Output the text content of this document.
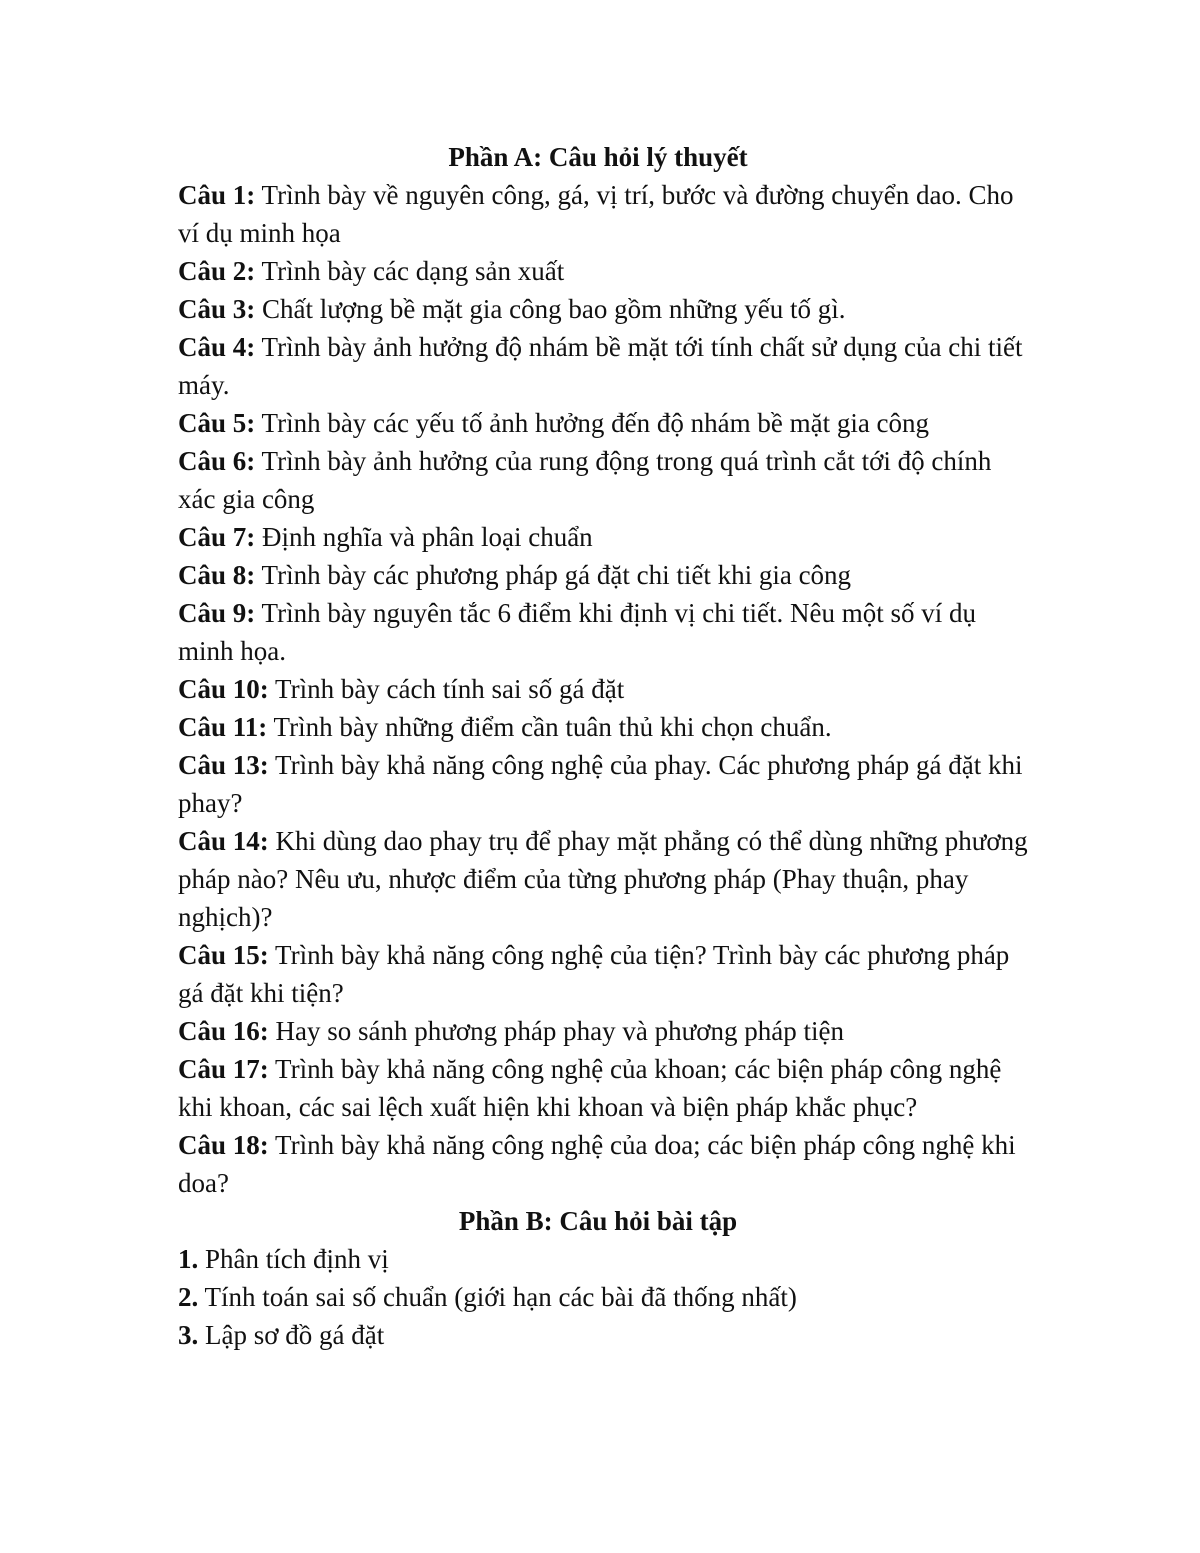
Phần A: Câu hỏi lý thuyết

Câu 1: Trình bày về nguyên công, gá, vị trí, bước và đường chuyển dao. Cho ví dụ minh họa

Câu 2: Trình bày các dạng sản xuất

Câu 3: Chất lượng bề mặt gia công bao gồm những yếu tố gì.

Câu 4: Trình bày ảnh hưởng độ nhám bề mặt tới tính chất sử dụng của chi tiết máy.

Câu 5: Trình bày các yếu tố ảnh hưởng đến độ nhám bề mặt gia công

Câu 6: Trình bày ảnh hưởng của rung động trong quá trình cắt tới độ chính xác gia công

Câu 7: Định nghĩa và phân loại chuẩn

Câu 8: Trình bày các phương pháp gá đặt chi tiết khi gia công

Câu 9: Trình bày nguyên tắc 6 điểm khi định vị chi tiết. Nêu một số ví dụ minh họa.

Câu 10: Trình bày cách tính sai số gá đặt

Câu 11: Trình bày những điểm cần tuân thủ khi chọn chuẩn.

Câu 13: Trình bày khả năng công nghệ của phay. Các phương pháp gá đặt khi phay?

Câu 14: Khi dùng dao phay trụ để phay mặt phẳng có thể dùng những phương pháp nào? Nêu ưu, nhược điểm của từng phương pháp (Phay thuận, phay nghịch)?

Câu 15: Trình bày khả năng công nghệ của tiện? Trình bày các phương pháp gá đặt khi tiện?

Câu 16: Hay so sánh phương pháp phay và phương pháp tiện

Câu 17: Trình bày khả năng công nghệ của khoan; các biện pháp công nghệ khi khoan, các sai lệch xuất hiện khi khoan và biện pháp khắc phục?

Câu 18: Trình bày khả năng công nghệ của doa; các biện pháp công nghệ khi doa?

Phần B: Câu hỏi bài tập

1. Phân tích định vị

2. Tính toán sai số chuẩn (giới hạn các bài đã thống nhất)

3. Lập sơ đồ gá đặt
